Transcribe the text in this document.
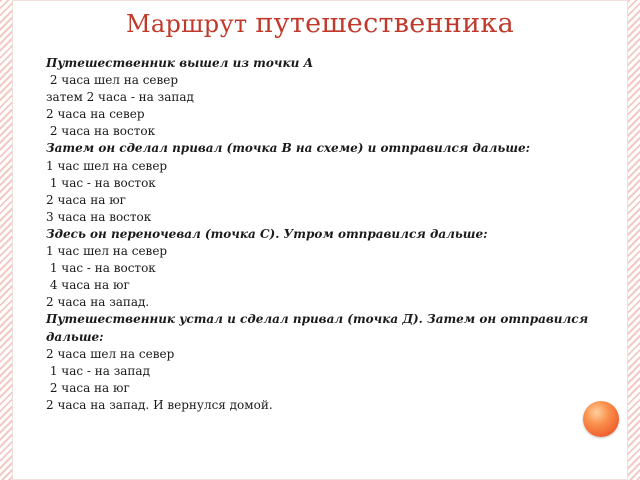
Маршрут путешественника
Путешественник вышел из точки А
2 часа шел на север
затем 2 часа - на запад
2 часа на север
2 часа на восток
Затем он сделал привал (точка В на схеме) и отправился дальше:
1 час шел на север
1 час - на восток
2 часа на юг
3 часа на восток
Здесь он переночевал (точка С). Утром отправился дальше:
1 час шел на север
1 час - на восток
4 часа на юг
2 часа на запад.
Путешественник устал и сделал привал (точка Д). Затем он отправился дальше:
2 часа шел на север
1 час - на запад
2 часа на юг
2 часа на запад. И вернулся домой.
